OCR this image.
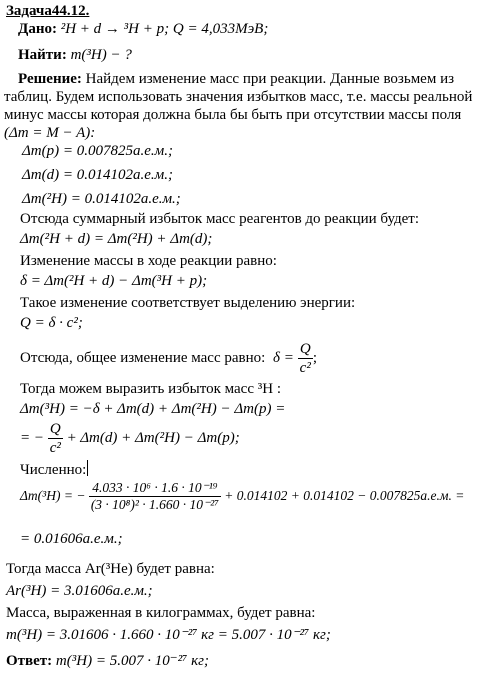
Задача44.12.
Дано: ²H + d → ³H + p; Q = 4,033МэВ;
Найти: m(³H) − ?
Решение: Найдем изменение масс при реакции. Данные возьмем из
таблиц. Будем использовать значения избытков масс, т.е. массы реальной
минус массы которая должна была бы быть при отсутствии массы поля
(Δm = M − A):
Δm(p) = 0.007825а.е.м.;
Δm(d) = 0.014102а.е.м.;
Δm(²H) = 0.014102а.е.м.;
Отсюда суммарный избыток масс реагентов до реакции будет:
Δm(²H + d) = Δm(²H) + Δm(d);
Изменение массы в ходе реакции равно:
δ = Δm(²H + d) − Δm(³H + p);
Такое изменение соответствует выделению энергии:
Q = δ · c²;
Отсюда, общее изменение масс равно: $\delta = \frac{Q}{\text{c²}}$ ;
Тогда можем выразить избыток масс ³H :
Δm(³H) = −δ + Δm(d) + Δm(²H) − Δm(p) =
= − $\frac{Q}{\text{c²}} + \Delta m(d) + \Delta m(^2H) - \Delta m(p)$;
Численно:
Δm(³H) = − $\frac{\text{4.033 · 10⁶ · 1.6 · 10⁻¹⁹}}{\text{(3 · 10⁸)² · 1.660 · 10⁻²⁷}} + 0.014102 + 0.014102 - 0.007825а.е.м$. =
= 0.01606а.е.м.;
Тогда масса Ar(³He) будет равна:
Ar(³H) = 3.01606а.е.м.;
Масса, выраженная в килограммах, будет равна:
m(³H) = 3.01606 · 1.660 · 10⁻²⁷ кг = 5.007 · 10⁻²⁷ кг;
Ответ: m(³H) = 5.007 · 10⁻²⁷ кг;
